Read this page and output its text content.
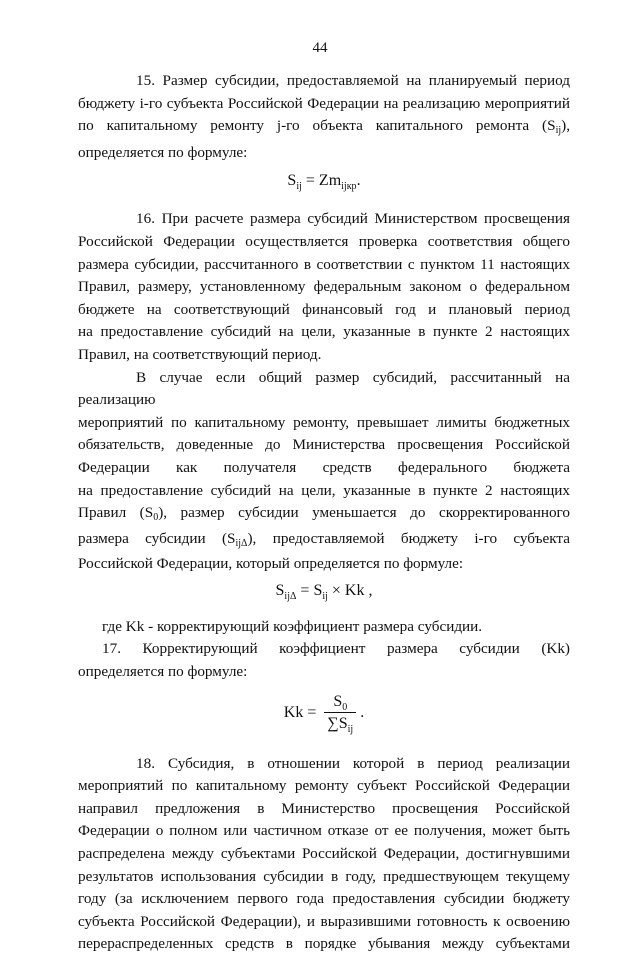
44
15. Размер субсидии, предоставляемой на планируемый период
бюджету i-го субъекта Российской Федерации на реализацию мероприятий
по капитальному ремонту j-го объекта капитального ремонта $(S_{ij})$,
определяется по формуле:
$S_{ij} = Zm_{ijкр}$.
16. При расчете размера субсидий Министерством просвещения
Российской Федерации осуществляется проверка соответствия общего
размера субсидии, рассчитанного в соответствии с пунктом 11 настоящих
Правил, размеру, установленному федеральным законом о федеральном
бюджете на соответствующий финансовый год и плановый период
на предоставление субсидий на цели, указанные в пункте 2 настоящих
Правил, на соответствующий период.
В случае если общий размер субсидий, рассчитанный на реализацию
мероприятий по капитальному ремонту, превышает лимиты бюджетных
обязательств, доведенные до Министерства просвещения Российской
Федерации как получателя средств федерального бюджета
на предоставление субсидий на цели, указанные в пункте 2 настоящих
Правил $(S_0)$, размер субсидии уменьшается до скорректированного
размера субсидии $(S_{ij\Delta})$, предоставляемой бюджету i-го субъекта
Российской Федерации, который определяется по формуле:
$S_{ij\Delta} = S_{ij} \times Kk$ ,
где Kk - корректирующий коэффициент размера субсидии.
17. Корректирующий коэффициент размера субсидии (Kk)
определяется по формуле:
$Kk = \frac{S_0}{\sum S_{ij}}$ .
18. Субсидия, в отношении которой в период реализации
мероприятий по капитальному ремонту субъект Российской Федерации
направил предложения в Министерство просвещения Российской
Федерации о полном или частичном отказе от ее получения, может быть
распределена между субъектами Российской Федерации, достигнувшими
результатов использования субсидии в году, предшествующем текущему
году (за исключением первого года предоставления субсидии бюджету
субъекта Российской Федерации), и выразившими готовность к освоению
перераспределенных средств в порядке убывания между субъектами
